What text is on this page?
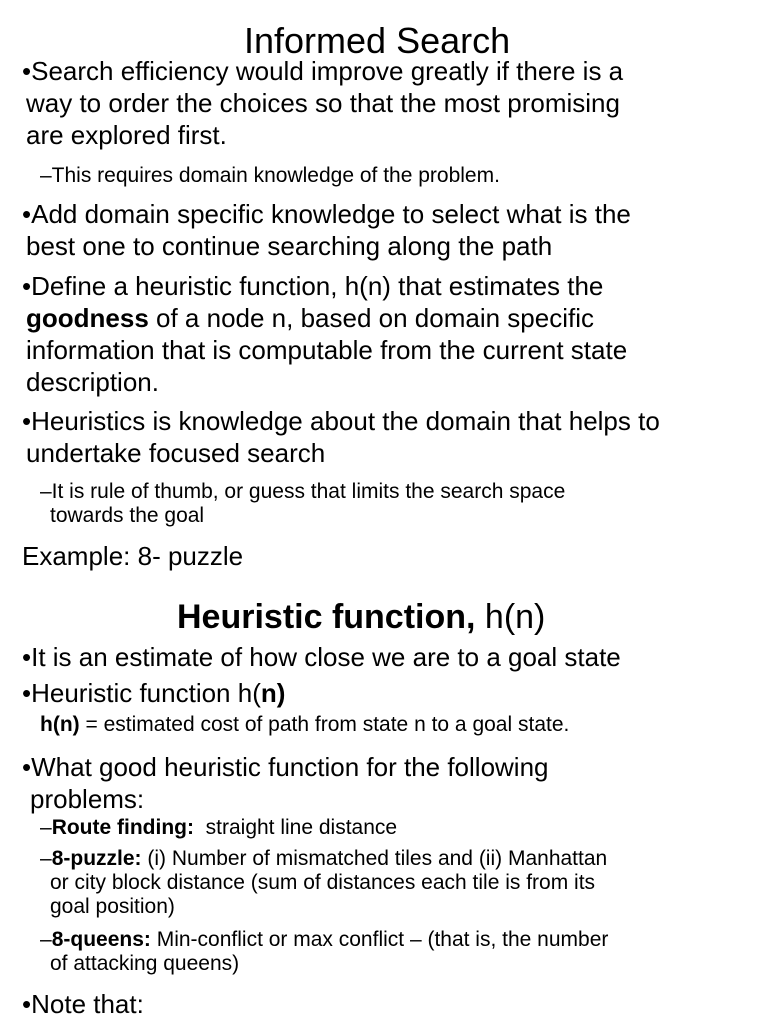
Informed Search
•Search efficiency would improve greatly if there is a
way to order the choices so that the most promising
are explored first.
–This requires domain knowledge of the problem.
•Add domain specific knowledge to select what is the
best one to continue searching along the path
•Define a heuristic function, h(n) that estimates the
goodness of a node n, based on domain specific
information that is computable from the current state
description.
•Heuristics is knowledge about the domain that helps to
undertake focused search
–It is rule of thumb, or guess that limits the search space
towards the goal
Example: 8- puzzle
Heuristic function, h(n)
•It is an estimate of how close we are to a goal state
•Heuristic function h(n)
h(n) = estimated cost of path from state n to a goal state.
•What good heuristic function for the following
problems:
–Route finding:  straight line distance
–8-puzzle: (i) Number of mismatched tiles and (ii) Manhattan
or city block distance (sum of distances each tile is from its
goal position)
–8-queens: Min-conflict or max conflict – (that is, the number
of attacking queens)
•Note that:
